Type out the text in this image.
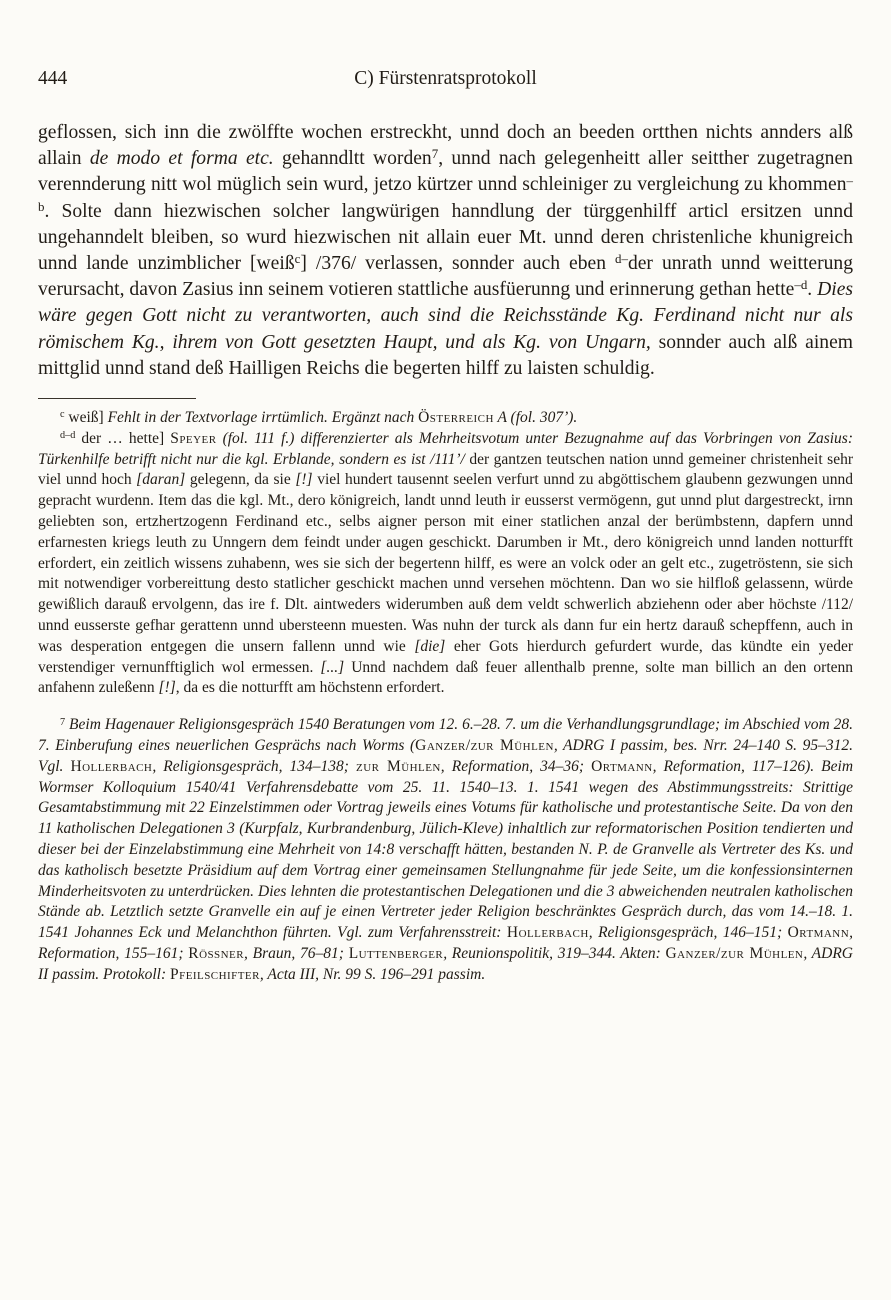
444	C) Fürstenratsprotokoll

geflossen, sich inn die zwölffte wochen erstreckht, unnd doch an beeden ortthen nichts annders alß allain de modo et forma etc. gehanndltt worden$^7$, unnd nach gelegenheitt aller seitther zugetragnen verennderung nitt wol müglich sein wurd, jetzo kürtzer unnd schleiniger zu vergleichung zu khommen$^{-b}$. Solte dann hiezwischen solcher langwürigen hanndlung der türggenhilff articl ersitzen unnd ungehanndelt bleiben, so wurd hiezwischen nit allain euer Mt. unnd deren christenliche khunigreich unnd lande unzimblicher [weiß$^c$] /376/ verlassen, sonnder auch eben $^{d-}$der unrath unnd weitterung verursacht, davon Zasius inn seinem votieren stattliche ausfüerunng und erinnerung gethan hette$^{-d}$. Dies wäre gegen Gott nicht zu verantworten, auch sind die Reichsstände Kg. Ferdinand nicht nur als römischem Kg., ihrem von Gott gesetzten Haupt, und als Kg. von Ungarn, sonnder auch alß ainem mittglid unnd stand deß Hailligen Reichs die begerten hilff zu laisten schuldig.

$^c$ weiß] Fehlt in der Textvorlage irrtümlich. Ergänzt nach Österreich A (fol. 307’).

$^{d-d}$ der … hette] Speyer (fol. 111 f.) differenzierter als Mehrheitsvotum unter Bezugnahme auf das Vorbringen von Zasius: Türkenhilfe betrifft nicht nur die kgl. Erblande, sondern es ist /111’/ der gantzen teutschen nation unnd gemeiner christenheit sehr viel unnd hoch [daran] gelegenn, da sie [!] viel hundert tausennt seelen verfurt unnd zu abgöttischem glaubenn gezwungen unnd gepracht wurdenn. Item das die kgl. Mt., dero königreich, landt unnd leuth ir eusserst vermögenn, gut unnd plut dargestreckt, irnn geliebten son, ertzhertzogenn Ferdinand etc., selbs aigner person mit einer statlichen anzal der berümbstenn, dapfern unnd erfarnesten kriegs leuth zu Unngern dem feindt under augen geschickt. Darumben ir Mt., dero königreich unnd landen notturfft erfordert, ein zeitlich wissens zuhabenn, wes sie sich der begertenn hilff, es were an volck oder an gelt etc., zugetröstenn, sie sich mit notwendiger vorbereittung desto statlicher geschickt machen unnd versehen möchtenn. Dan wo sie hilfloß gelassenn, würde gewißlich darauß ervolgenn, das ire f. Dlt. aintweders widerumben auß dem veldt schwerlich abziehenn oder aber höchste /112/ unnd eusserste gefhar gerattenn unnd ubersteenn muesten. Was nuhn der turck als dann fur ein hertz darauß schepffenn, auch in was desperation entgegen die unsern fallenn unnd wie [die] eher Gots hierdurch gefurdert wurde, das kündte ein yeder verstendiger vernunfftiglich wol ermessen. [...] Unnd nachdem daß feuer allenthalb prenne, solte man billich an den ortenn anfahenn zuleßenn [!], da es die notturfft am höchstenn erfordert.

$^7$ Beim Hagenauer Religionsgespräch 1540 Beratungen vom 12. 6.–28. 7. um die Verhandlungsgrundlage; im Abschied vom 28. 7. Einberufung eines neuerlichen Gesprächs nach Worms (Ganzer/zur Mühlen, ADRG I passim, bes. Nrr. 24–140 S. 95–312. Vgl. Hollerbach, Religionsgespräch, 134–138; zur Mühlen, Reformation, 34–36; Ortmann, Reformation, 117–126). Beim Wormser Kolloquium 1540/41 Verfahrensdebatte vom 25. 11. 1540–13. 1. 1541 wegen des Abstimmungsstreits: Strittige Gesamtabstimmung mit 22 Einzelstimmen oder Vortrag jeweils eines Votums für katholische und protestantische Seite. Da von den 11 katholischen Delegationen 3 (Kurpfalz, Kurbrandenburg, Jülich-Kleve) inhaltlich zur reformatorischen Position tendierten und dieser bei der Einzelabstimmung eine Mehrheit von 14:8 verschafft hätten, bestanden N. P. de Granvelle als Vertreter des Ks. und das katholisch besetzte Präsidium auf dem Vortrag einer gemeinsamen Stellungnahme für jede Seite, um die konfessionsinternen Minderheitsvoten zu unterdrücken. Dies lehnten die protestantischen Delegationen und die 3 abweichenden neutralen katholischen Stände ab. Letztlich setzte Granvelle ein auf je einen Vertreter jeder Religion beschränktes Gespräch durch, das vom 14.–18. 1. 1541 Johannes Eck und Melanchthon führten. Vgl. zum Verfahrensstreit: Hollerbach, Religionsgespräch, 146–151; Ortmann, Reformation, 155–161; Rössner, Braun, 76–81; Luttenberger, Reunionspolitik, 319–344. Akten: Ganzer/zur Mühlen, ADRG II passim. Protokoll: Pfeilschifter, Acta III, Nr. 99 S. 196–291 passim.
